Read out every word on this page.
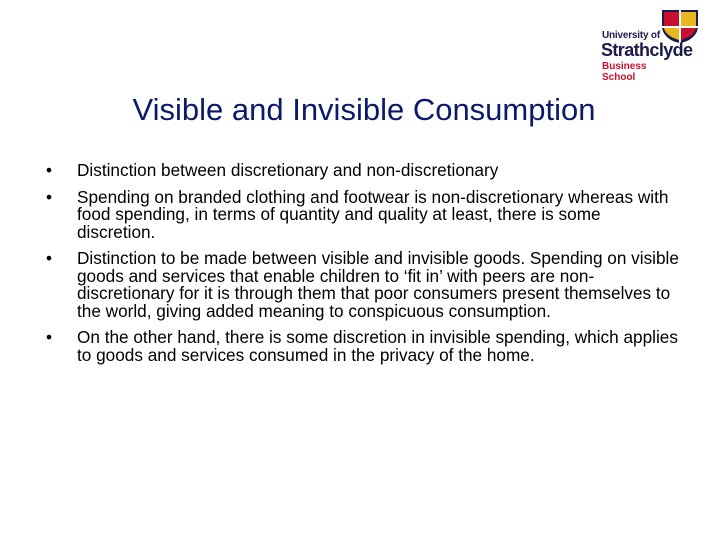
University of
Strathclyde
Business
School
Visible and Invisible Consumption
• Distinction between discretionary and non-discretionary
• Spending on branded clothing and footwear is non-discretionary whereas with food spending, in terms of quantity and quality at least, there is some discretion.
• Distinction to be made between visible and invisible goods. Spending on visible goods and services that enable children to ‘fit in’ with peers are non-discretionary for it is through them that poor consumers present themselves to the world, giving added meaning to conspicuous consumption.
• On the other hand, there is some discretion in invisible spending, which applies to goods and services consumed in the privacy of the home.
